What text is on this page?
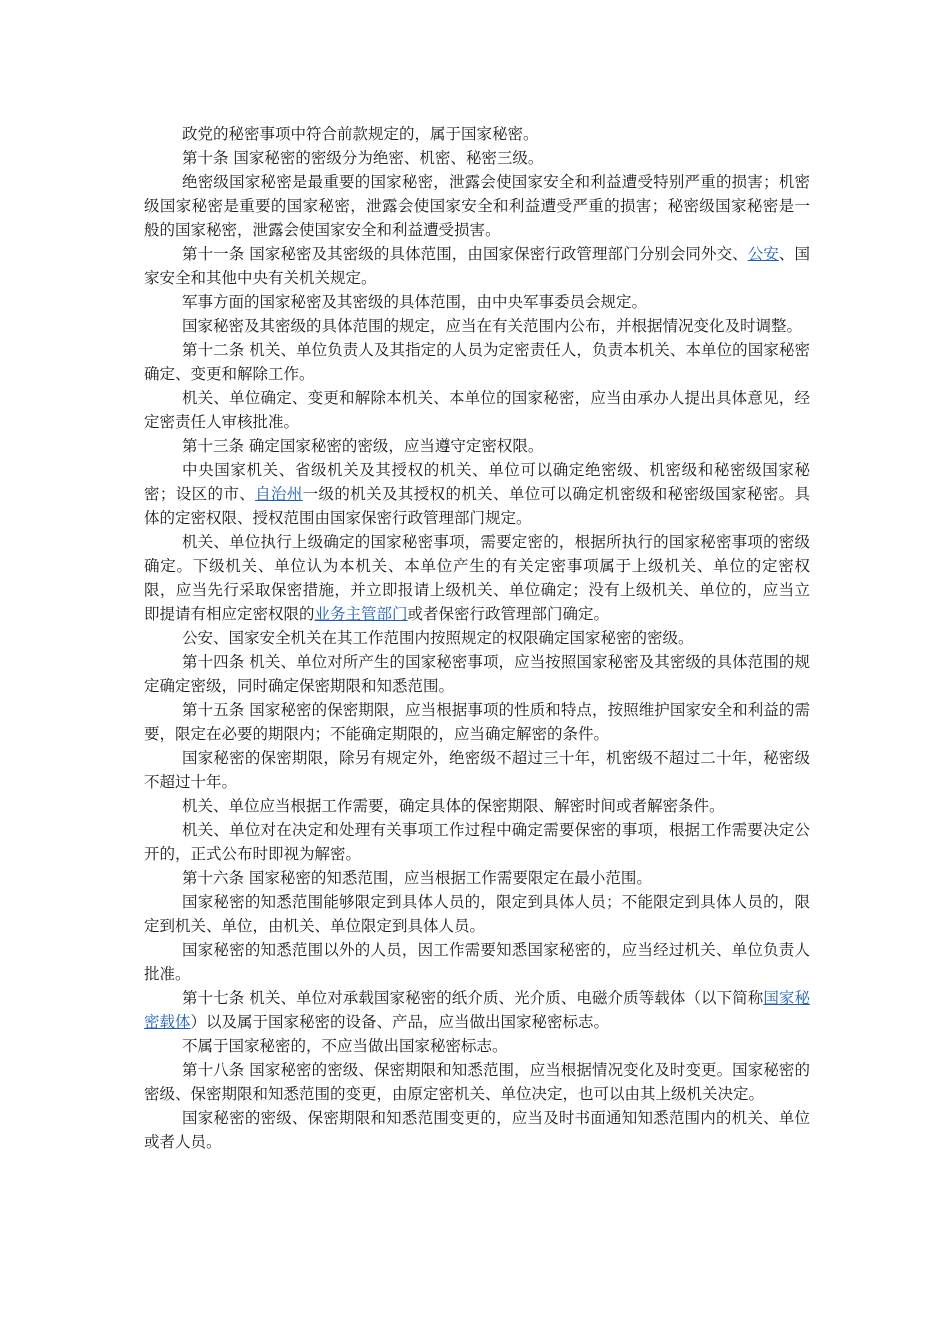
政党的秘密事项中符合前款规定的，属于国家秘密。

第十条 国家秘密的密级分为绝密、机密、秘密三级。

绝密级国家秘密是最重要的国家秘密，泄露会使国家安全和利益遭受特别严重的损害；机密级国家秘密是重要的国家秘密，泄露会使国家安全和利益遭受严重的损害；秘密级国家秘密是一般的国家秘密，泄露会使国家安全和利益遭受损害。

第十一条 国家秘密及其密级的具体范围，由国家保密行政管理部门分别会同外交、公安、国家安全和其他中央有关机关规定。

军事方面的国家秘密及其密级的具体范围，由中央军事委员会规定。

国家秘密及其密级的具体范围的规定，应当在有关范围内公布，并根据情况变化及时调整。

第十二条 机关、单位负责人及其指定的人员为定密责任人，负责本机关、本单位的国家秘密确定、变更和解除工作。

机关、单位确定、变更和解除本机关、本单位的国家秘密，应当由承办人提出具体意见，经定密责任人审核批准。

第十三条 确定国家秘密的密级，应当遵守定密权限。

中央国家机关、省级机关及其授权的机关、单位可以确定绝密级、机密级和秘密级国家秘密；设区的市、自治州一级的机关及其授权的机关、单位可以确定机密级和秘密级国家秘密。具体的定密权限、授权范围由国家保密行政管理部门规定。

机关、单位执行上级确定的国家秘密事项，需要定密的，根据所执行的国家秘密事项的密级确定。下级机关、单位认为本机关、本单位产生的有关定密事项属于上级机关、单位的定密权限，应当先行采取保密措施，并立即报请上级机关、单位确定；没有上级机关、单位的，应当立即提请有相应定密权限的业务主管部门或者保密行政管理部门确定。

公安、国家安全机关在其工作范围内按照规定的权限确定国家秘密的密级。

第十四条 机关、单位对所产生的国家秘密事项，应当按照国家秘密及其密级的具体范围的规定确定密级，同时确定保密期限和知悉范围。

第十五条 国家秘密的保密期限，应当根据事项的性质和特点，按照维护国家安全和利益的需要，限定在必要的期限内；不能确定期限的，应当确定解密的条件。

国家秘密的保密期限，除另有规定外，绝密级不超过三十年，机密级不超过二十年，秘密级不超过十年。

机关、单位应当根据工作需要，确定具体的保密期限、解密时间或者解密条件。

机关、单位对在决定和处理有关事项工作过程中确定需要保密的事项，根据工作需要决定公开的，正式公布时即视为解密。

第十六条 国家秘密的知悉范围，应当根据工作需要限定在最小范围。

国家秘密的知悉范围能够限定到具体人员的，限定到具体人员；不能限定到具体人员的，限定到机关、单位，由机关、单位限定到具体人员。

国家秘密的知悉范围以外的人员，因工作需要知悉国家秘密的，应当经过机关、单位负责人批准。

第十七条 机关、单位对承载国家秘密的纸介质、光介质、电磁介质等载体（以下简称国家秘密载体）以及属于国家秘密的设备、产品，应当做出国家秘密标志。

不属于国家秘密的，不应当做出国家秘密标志。

第十八条 国家秘密的密级、保密期限和知悉范围，应当根据情况变化及时变更。国家秘密的密级、保密期限和知悉范围的变更，由原定密机关、单位决定，也可以由其上级机关决定。

国家秘密的密级、保密期限和知悉范围变更的，应当及时书面通知知悉范围内的机关、单位或者人员。
